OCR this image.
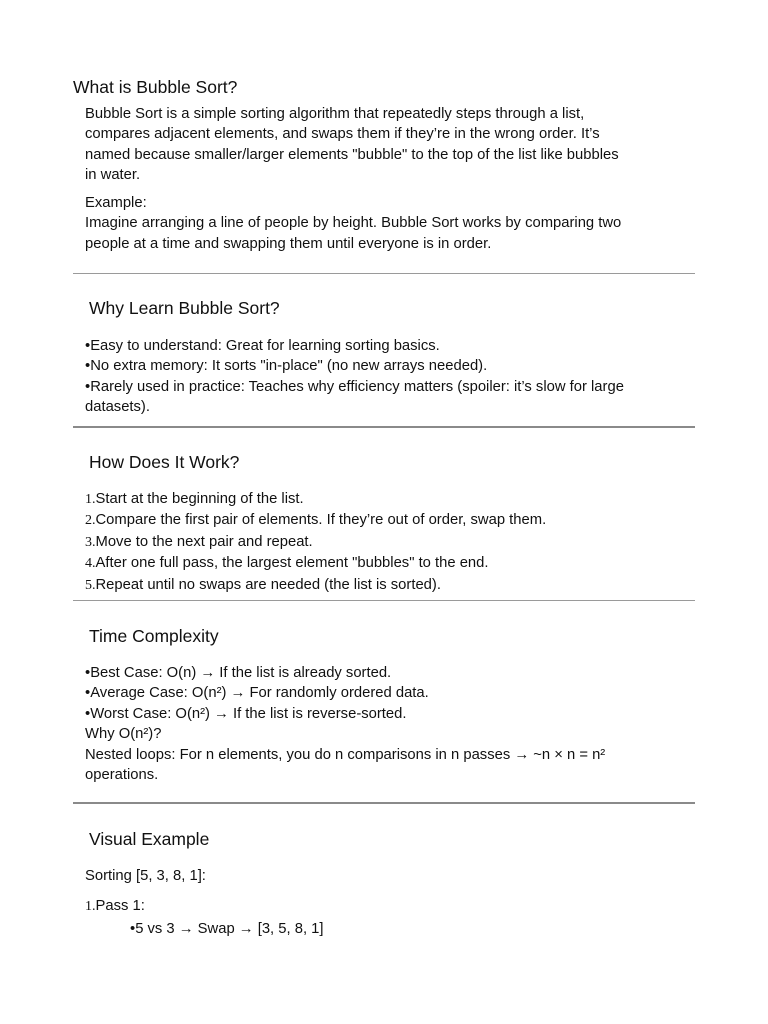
What is Bubble Sort?
Bubble Sort is a simple sorting algorithm that repeatedly steps through a list,
compares adjacent elements, and swaps them if they’re in the wrong order. It’s
named because smaller/larger elements "bubble" to the top of the list like bubbles
in water.
Example:
Imagine arranging a line of people by height. Bubble Sort works by comparing two
people at a time and swapping them until everyone is in order.
Why Learn Bubble Sort?
•Easy to understand: Great for learning sorting basics.
•No extra memory: It sorts "in-place" (no new arrays needed).
•Rarely used in practice: Teaches why efficiency matters (spoiler: it’s slow for large
datasets).
How Does It Work?
1.Start at the beginning of the list.
2.Compare the first pair of elements. If they’re out of order, swap them.
3.Move to the next pair and repeat.
4.After one full pass, the largest element "bubbles" to the end.
5.Repeat until no swaps are needed (the list is sorted).
Time Complexity
•Best Case: O(n) → If the list is already sorted.
•Average Case: O(n²) → For randomly ordered data.
•Worst Case: O(n²) → If the list is reverse-sorted.
Why O(n²)?
Nested loops: For n elements, you do n comparisons in n passes → ~n × n = n²
operations.
Visual Example
Sorting [5, 3, 8, 1]:
1.Pass 1:
•5 vs 3 → Swap → [3, 5, 8, 1]
